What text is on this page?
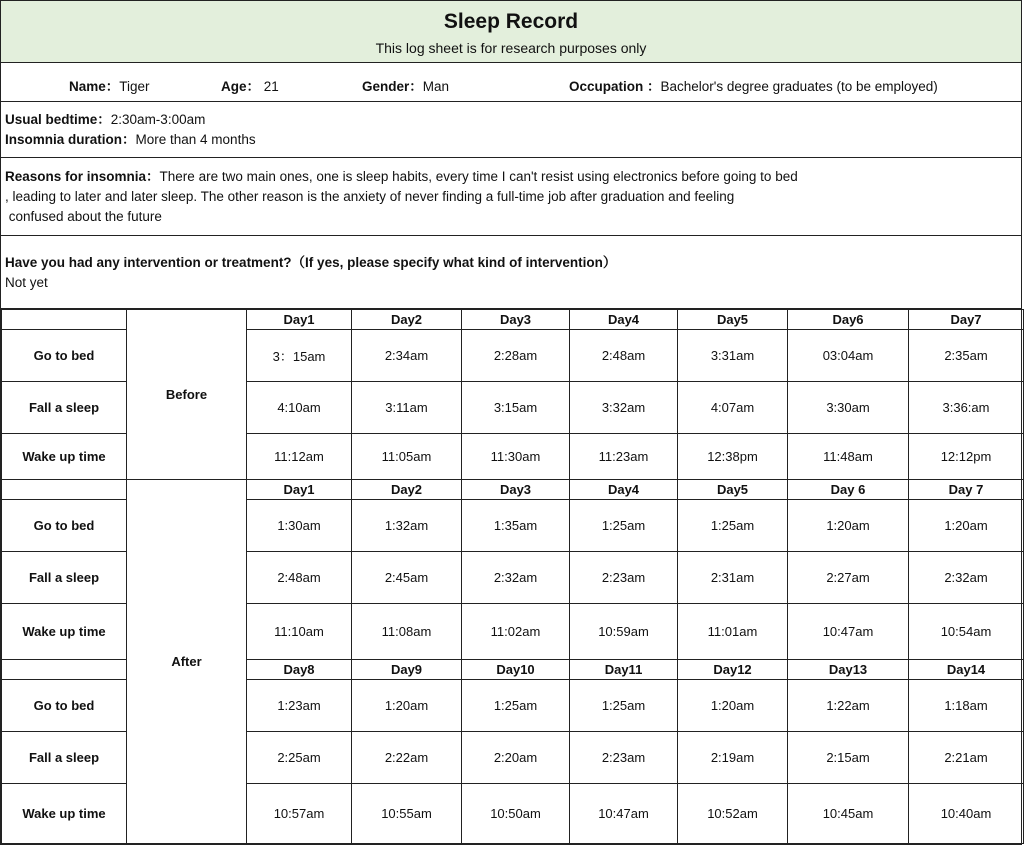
Sleep Record
This log sheet is for research purposes only
Name：Tiger	Age： 21	Gender：Man	Occupation ：Bachelor's degree graduates (to be employed)
Usual bedtime：2:30am-3:00am
Insomnia duration：More than 4 months
Reasons for insomnia：There are two main ones, one is sleep habits, every time I can't resist using electronics before going to bed
, leading to later and later sleep. The other reason is the anxiety of never finding a full-time job after graduation and feeling
confused about the future
Have you had any intervention or treatment?（If yes, please specify what kind of intervention）
Not yet
	Before	Day1	Day2	Day3	Day4	Day5	Day6	Day7
Go to bed		3：15am	2:34am	2:28am	2:48am	3:31am	03:04am	2:35am
Fall a sleep		4:10am	3:11am	3:15am	3:32am	4:07am	3:30am	3:36:am
Wake up time		11:12am	11:05am	11:30am	11:23am	12:38pm	11:48am	12:12pm
	After	Day1	Day2	Day3	Day4	Day5	Day 6	Day 7
Go to bed		1:30am	1:32am	1:35am	1:25am	1:25am	1:20am	1:20am
Fall a sleep		2:48am	2:45am	2:32am	2:23am	2:31am	2:27am	2:32am
Wake up time		11:10am	11:08am	11:02am	10:59am	11:01am	10:47am	10:54am
		Day8	Day9	Day10	Day11	Day12	Day13	Day14
Go to bed		1:23am	1:20am	1:25am	1:25am	1:20am	1:22am	1:18am
Fall a sleep		2:25am	2:22am	2:20am	2:23am	2:19am	2:15am	2:21am
Wake up time		10:57am	10:55am	10:50am	10:47am	10:52am	10:45am	10:40am
